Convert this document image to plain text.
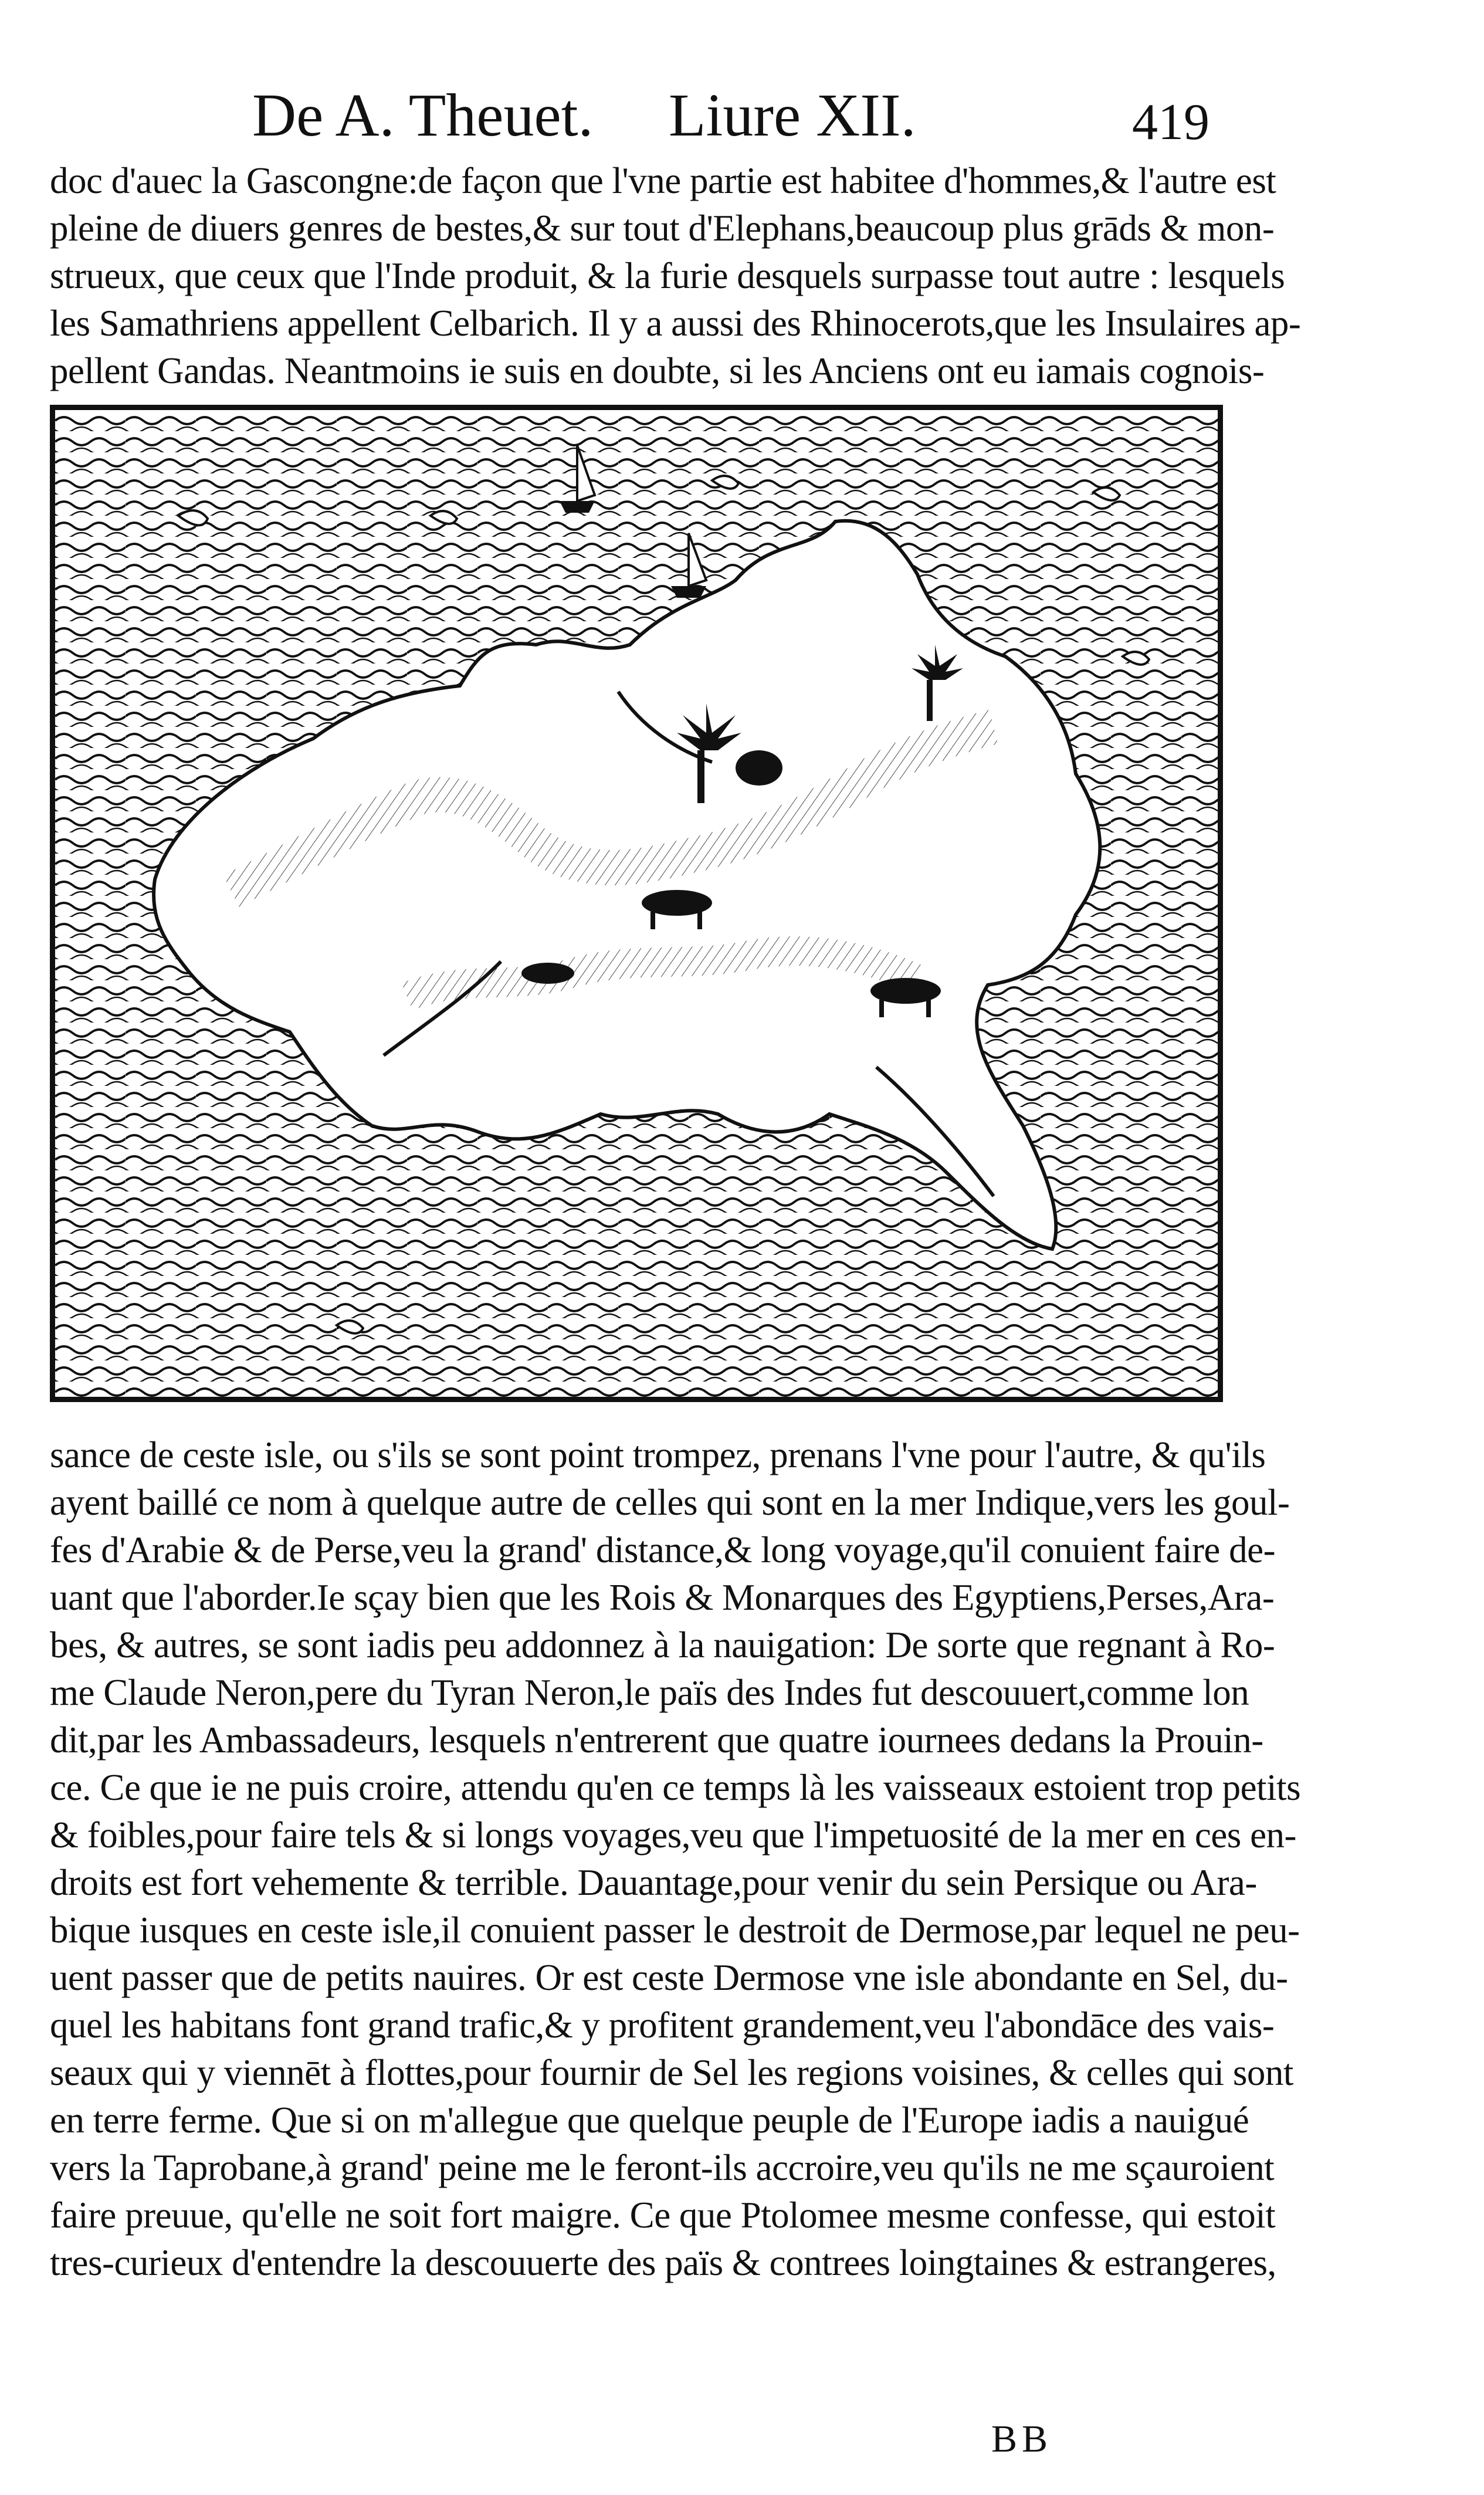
De A. Theuet. Liure XII.	419

doc d'auec la Gascongne:de façon que l'vne partie est habitee d'hommes,& l'autre est

pleine de diuers genres de bestes,& sur tout d'Elephans,beaucoup plus grāds & mon-

strueux, que ceux que l'Inde produit, & la furie desquels surpasse tout autre : lesquels

les Samathriens appellent Celbarich. Il y a aussi des Rhinocerots,que les Insulaires ap-

pellent Gandas. Neantmoins ie suis en doubte, si les Anciens ont eu iamais cognois-

sance de ceste isle, ou s'ils se sont point trompez, prenans l'vne pour l'autre, & qu'ils

ayent baillé ce nom à quelque autre de celles qui sont en la mer Indique,vers les goul-

fes d'Arabie & de Perse,veu la grand' distance,& long voyage,qu'il conuient faire de-

uant que l'aborder.Ie sçay bien que les Rois & Monarques des Egyptiens,Perses,Ara-

bes, & autres, se sont iadis peu addonnez à la nauigation: De sorte que regnant à Ro-

me Claude Neron,pere du Tyran Neron,le païs des Indes fut descouuert,comme lon

dit,par les Ambassadeurs, lesquels n'entrerent que quatre iournees dedans la Prouin-

ce. Ce que ie ne puis croire, attendu qu'en ce temps là les vaisseaux estoient trop petits

& foibles,pour faire tels & si longs voyages,veu que l'impetuosité de la mer en ces en-

droits est fort vehemente & terrible. Dauantage,pour venir du sein Persique ou Ara-

bique iusques en ceste isle,il conuient passer le destroit de Dermose,par lequel ne peu-

uent passer que de petits nauires. Or est ceste Dermose vne isle abondante en Sel, du-

quel les habitans font grand trafic,& y profitent grandement,veu l'abondāce des vais-

seaux qui y viennēt à flottes,pour fournir de Sel les regions voisines, & celles qui sont

en terre ferme. Que si on m'allegue que quelque peuple de l'Europe iadis a nauigué

vers la Taprobane,à grand' peine me le feront-ils accroire,veu qu'ils ne me sçauroient

faire preuue, qu'elle ne soit fort maigre. Ce que Ptolomee mesme confesse, qui estoit

tres-curieux d'entendre la descouuerte des païs & contrees loingtaines & estrangeres,

BB
